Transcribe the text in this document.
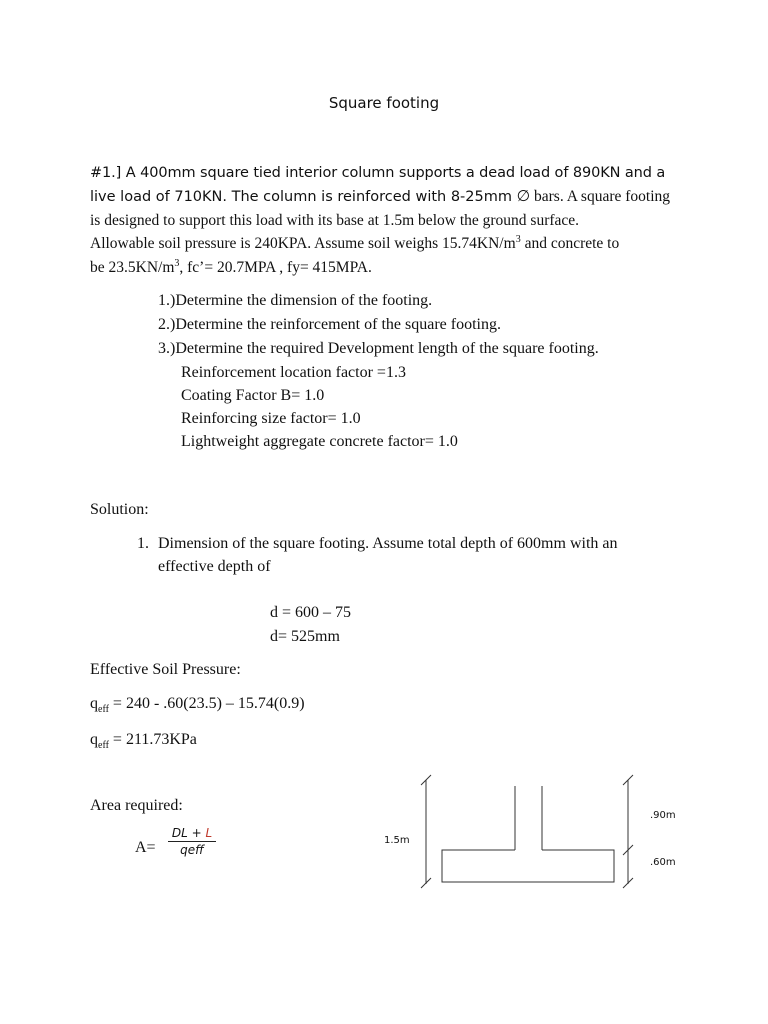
Square footing
#1.] A 400mm square tied interior column supports a dead load of 890KN and a
live load of 710KN. The column is reinforced with 8-25mm ∅ bars. A square footing
is designed to support this load with its base at 1.5m below the ground surface.
Allowable soil pressure is 240KPA. Assume soil weighs $15.74KN/m^3$ and concrete to
be $23.5KN/m^3$, fc’= 20.7MPA , fy= 415MPA.
1.)Determine the dimension of the footing.
2.)Determine the reinforcement of the square footing.
3.)Determine the required Development length of the square footing.
Reinforcement location factor =1.3
Coating Factor B= 1.0
Reinforcing size factor= 1.0
Lightweight aggregate concrete factor= 1.0
Solution:
1. Dimension of the square footing. Assume total depth of 600mm with an
effective depth of
d = 600 – 75
d= 525mm
Effective Soil Pressure:
$q_{eff} = 240 - .60(23.5) - 15.74(0.9)$
$q_{eff} = 211.73KPa$
Area required:
A=
DL + L
qeff
1.5m
.90m
.60m
